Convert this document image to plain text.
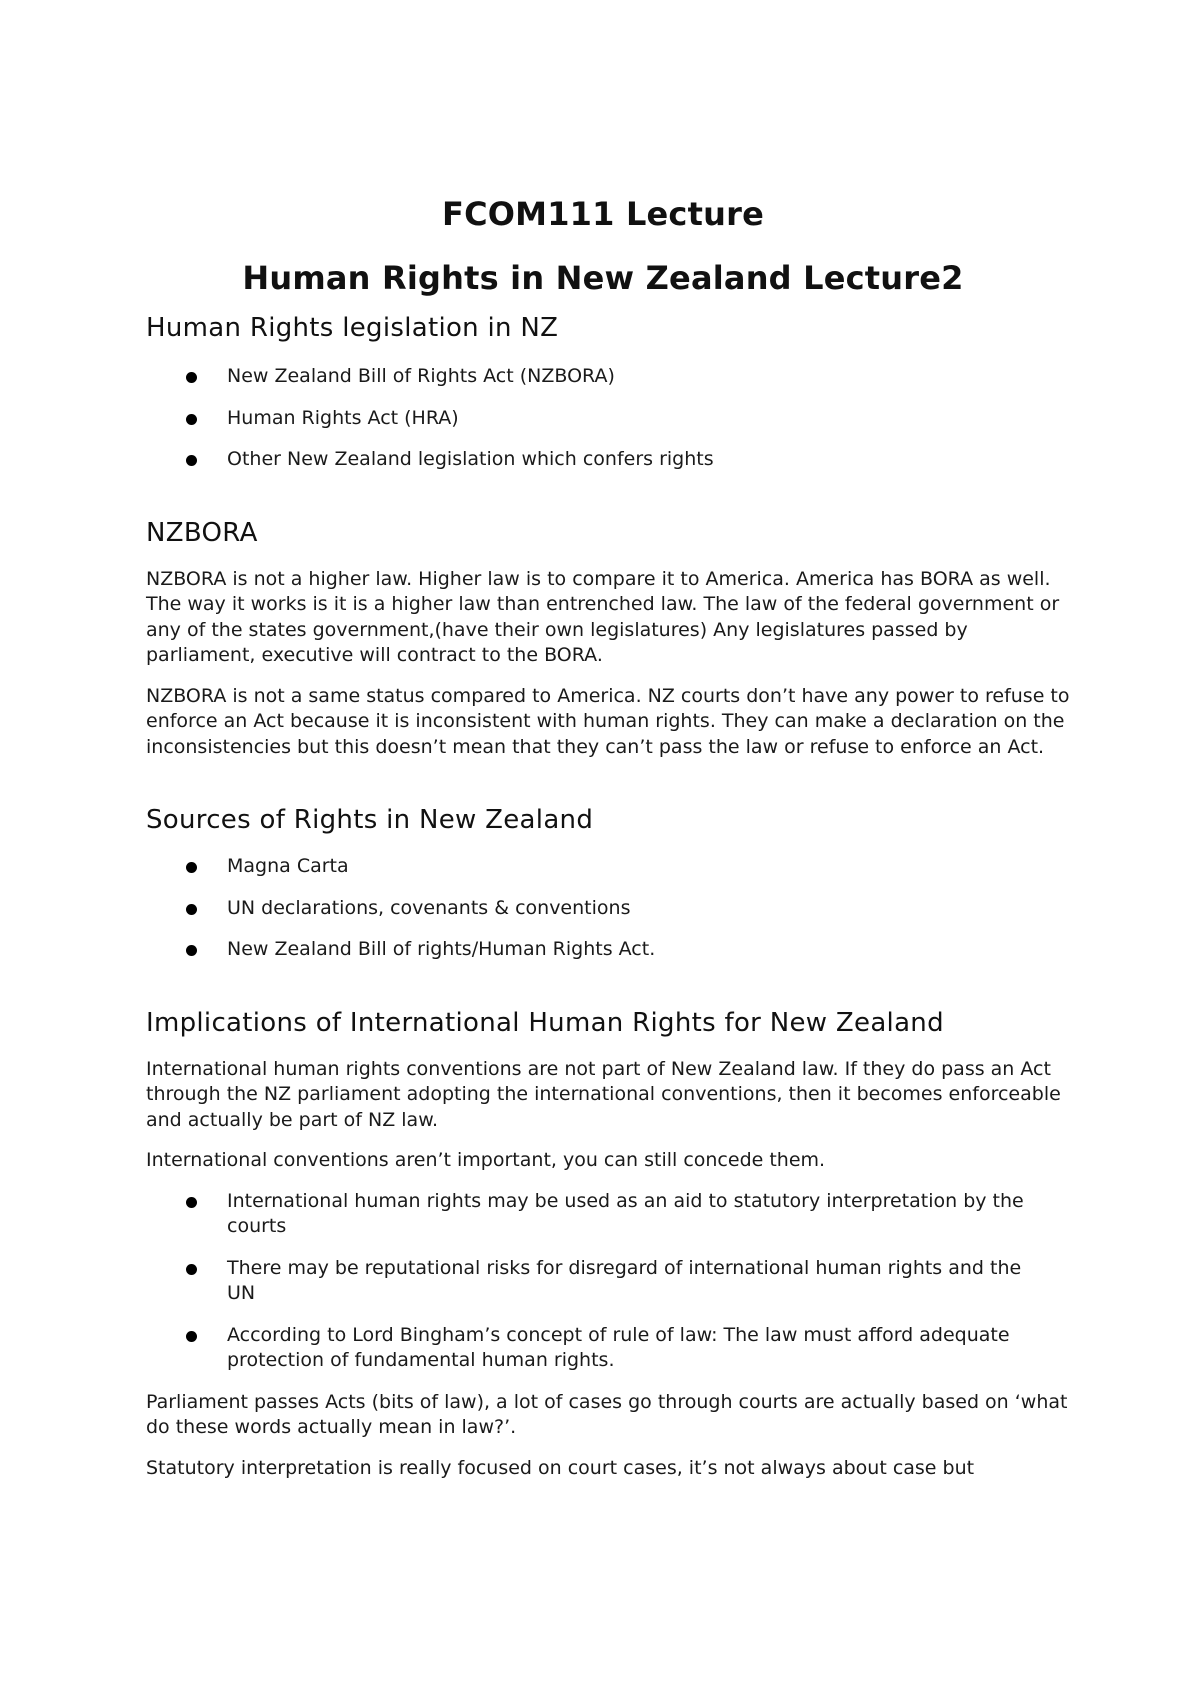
FCOM111 Lecture
Human Rights in New Zealand Lecture2
Human Rights legislation in NZ
New Zealand Bill of Rights Act (NZBORA)
Human Rights Act (HRA)
Other New Zealand legislation which confers rights
NZBORA

NZBORA is not a higher law. Higher law is to compare it to America. America has BORA as well. The way it works is it is a higher law than entrenched law. The law of the federal government or any of the states government,(have their own legislatures) Any legislatures passed by parliament, executive will contract to the BORA.

NZBORA is not a same status compared to America. NZ courts don’t have any power to refuse to enforce an Act because it is inconsistent with human rights. They can make a declaration on the inconsistencies but this doesn’t mean that they can’t pass the law or refuse to enforce an Act.

Sources of Rights in New Zealand
Magna Carta
UN declarations, covenants & conventions
New Zealand Bill of rights/Human Rights Act.
Implications of International Human Rights for New Zealand

International human rights conventions are not part of New Zealand law. If they do pass an Act through the NZ parliament adopting the international conventions, then it becomes enforceable and actually be part of NZ law.

International conventions aren’t important, you can still concede them.

International human rights may be used as an aid to statutory interpretation by the courts
There may be reputational risks for disregard of international human rights and the UN
According to Lord Bingham’s concept of rule of law: The law must afford adequate protection of fundamental human rights.

Parliament passes Acts (bits of law), a lot of cases go through courts are actually based on ‘what do these words actually mean in law?’.

Statutory interpretation is really focused on court cases, it’s not always about case but
